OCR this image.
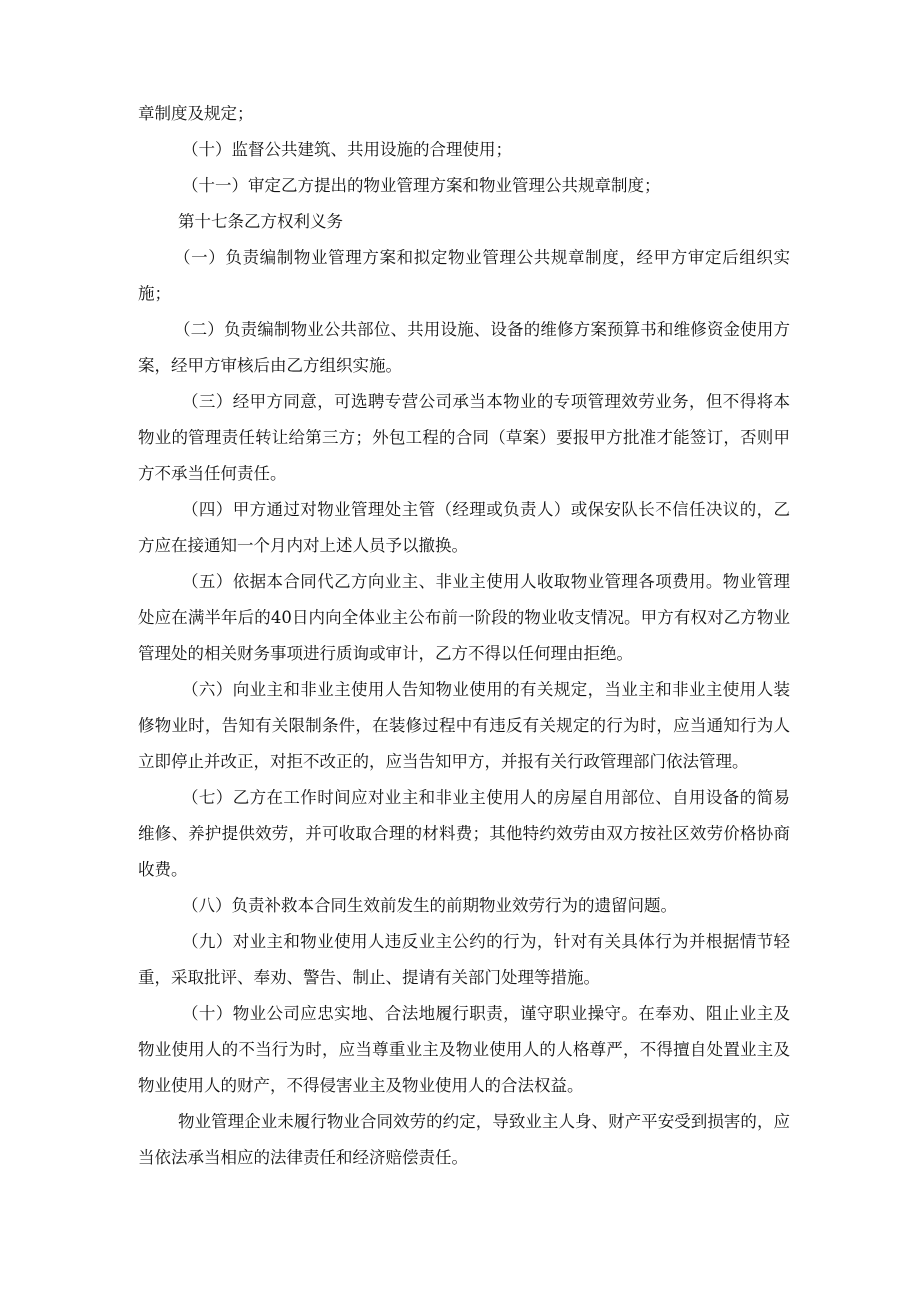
章制度及规定；

（十）监督公共建筑、共用设施的合理使用；

（十一）审定乙方提出的物业管理方案和物业管理公共规章制度；

第十七条乙方权利义务

（一）负责编制物业管理方案和拟定物业管理公共规章制度，经甲方审定后组织实施；

（二）负责编制物业公共部位、共用设施、设备的维修方案预算书和维修资金使用方案，经甲方审核后由乙方组织实施。

（三）经甲方同意，可选聘专营公司承当本物业的专项管理效劳业务，但不得将本物业的管理责任转让给第三方；外包工程的合同（草案）要报甲方批准才能签订，否则甲方不承当任何责任。

（四）甲方通过对物业管理处主管（经理或负责人）或保安队长不信任决议的，乙方应在接通知一个月内对上述人员予以撤换。

（五）依据本合同代乙方向业主、非业主使用人收取物业管理各项费用。物业管理处应在满半年后的40日内向全体业主公布前一阶段的物业收支情况。甲方有权对乙方物业管理处的相关财务事项进行质询或审计，乙方不得以任何理由拒绝。

（六）向业主和非业主使用人告知物业使用的有关规定，当业主和非业主使用人装修物业时，告知有关限制条件，在装修过程中有违反有关规定的行为时，应当通知行为人立即停止并改正，对拒不改正的，应当告知甲方，并报有关行政管理部门依法管理。

（七）乙方在工作时间应对业主和非业主使用人的房屋自用部位、自用设备的简易维修、养护提供效劳，并可收取合理的材料费；其他特约效劳由双方按社区效劳价格协商收费。

（八）负责补救本合同生效前发生的前期物业效劳行为的遗留问题。

（九）对业主和物业使用人违反业主公约的行为，针对有关具体行为并根据情节轻重，采取批评、奉劝、警告、制止、提请有关部门处理等措施。

（十）物业公司应忠实地、合法地履行职责，谨守职业操守。在奉劝、阻止业主及物业使用人的不当行为时，应当尊重业主及物业使用人的人格尊严，不得擅自处置业主及物业使用人的财产，不得侵害业主及物业使用人的合法权益。

物业管理企业未履行物业合同效劳的约定，导致业主人身、财产平安受到损害的，应当依法承当相应的法律责任和经济赔偿责任。
